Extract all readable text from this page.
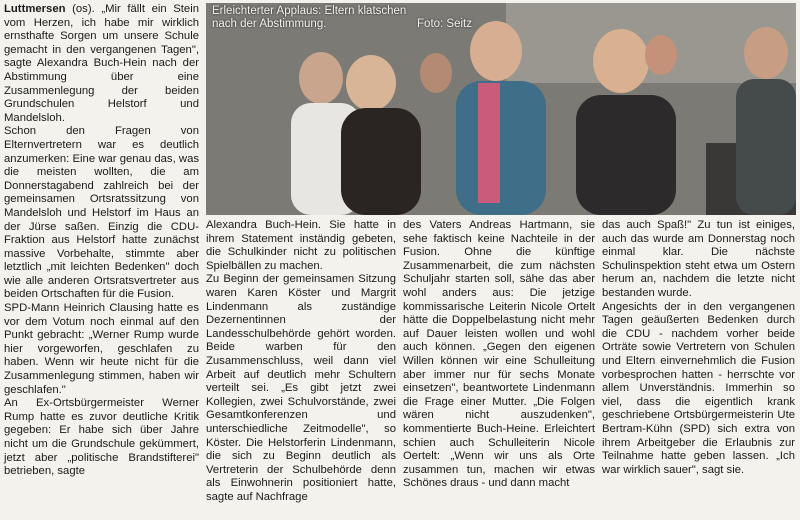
Luttmersen (os). „Mir fällt ein Stein vom Herzen, ich habe mir wirklich ernsthafte Sorgen um unsere Schule gemacht in den vergangenen Tagen", sagte Alexandra Buch-Hein nach der Abstimmung über eine Zusammenlegung der beiden Grundschulen Helstorf und Mandelsloh.

Schon den Fragen von Elternvertretern war es deutlich anzumerken: Eine war genau das, was die meisten wollten, die am Donnerstagabend zahlreich bei der gemeinsamen Ortsratssitzung von Mandelsloh und Helstorf im Haus an der Jürse saßen. Einzig die CDU-Fraktion aus Helstorf hatte zunächst massive Vorbehalte, stimmte aber letztlich „mit leichten Bedenken" doch wie alle anderen Ortsratsvertreter aus beiden Ortschaften für die Fusion.

SPD-Mann Heinrich Clausing hatte es vor dem Votum noch einmal auf den Punkt gebracht: „Werner Rump wurde hier vorgeworfen, geschlafen zu haben. Wenn wir heute nicht für die Zusammenlegung stimmen, haben wir geschlafen."

An Ex-Ortsbürgermeister Werner Rump hatte es zuvor deutliche Kritik gegeben: Er habe sich über Jahre nicht um die Grundschule gekümmert, jetzt aber „politische Brandstifterei" betrieben, sagte

Erleichterter Applaus: Eltern klatschen
nach der Abstimmung.	Foto: Seitz

Alexandra Buch-Hein. Sie hatte in ihrem Statement inständig gebeten, die Schulkinder nicht zu politischen Spielbällen zu machen.

Zu Beginn der gemeinsamen Sitzung waren Karen Köster und Margrit Lindenmann als zuständige Dezernentinnen der Landesschulbehörde gehört worden. Beide warben für den Zusammenschluss, weil dann viel Arbeit auf deutlich mehr Schultern verteilt sei. „Es gibt jetzt zwei Kollegien, zwei Schulvorstände, zwei Gesamtkonferenzen und unterschiedliche Zeitmodelle", so Köster. Die Helstorferin Lindenmann, die sich zu Beginn deutlich als Vertreterin der Schulbehörde denn als Einwohnerin positioniert hatte, sagte auf Nachfrage

des Vaters Andreas Hartmann, sie sehe faktisch keine Nachteile in der Fusion. Ohne die künftige Zusammenarbeit, die zum nächsten Schuljahr starten soll, sähe das aber wohl anders aus: Die jetzige kommissarische Leiterin Nicole Ortelt hätte die Doppelbelastung nicht mehr auf Dauer leisten wollen und wohl auch können. „Gegen den eigenen Willen können wir eine Schulleitung aber immer nur für sechs Monate einsetzen", beantwortete Lindenmann die Frage einer Mutter. „Die Folgen wären nicht auszudenken", kommentierte Buch-Heine. Erleichtert schien auch Schulleiterin Nicole Oertelt: „Wenn wir uns als Orte zusammen tun, machen wir etwas Schönes draus - und dann macht

das auch Spaß!" Zu tun ist einiges, auch das wurde am Donnerstag noch einmal klar. Die nächste Schulinspektion steht etwa um Ostern herum an, nachdem die letzte nicht bestanden wurde.

Angesichts der in den vergangenen Tagen geäußerten Bedenken durch die CDU - nachdem vorher beide Orträte sowie Vertretern von Schulen und Eltern einvernehmlich die Fusion vorbesprochen hatten - herrschte vor allem Unverständnis. Immerhin so viel, dass die eigentlich krank geschriebene Ortsbürgermeisterin Ute Bertram-Kühn (SPD) sich extra von ihrem Arbeitgeber die Erlaubnis zur Teilnahme hatte geben lassen. „Ich war wirklich sauer", sagt sie.
